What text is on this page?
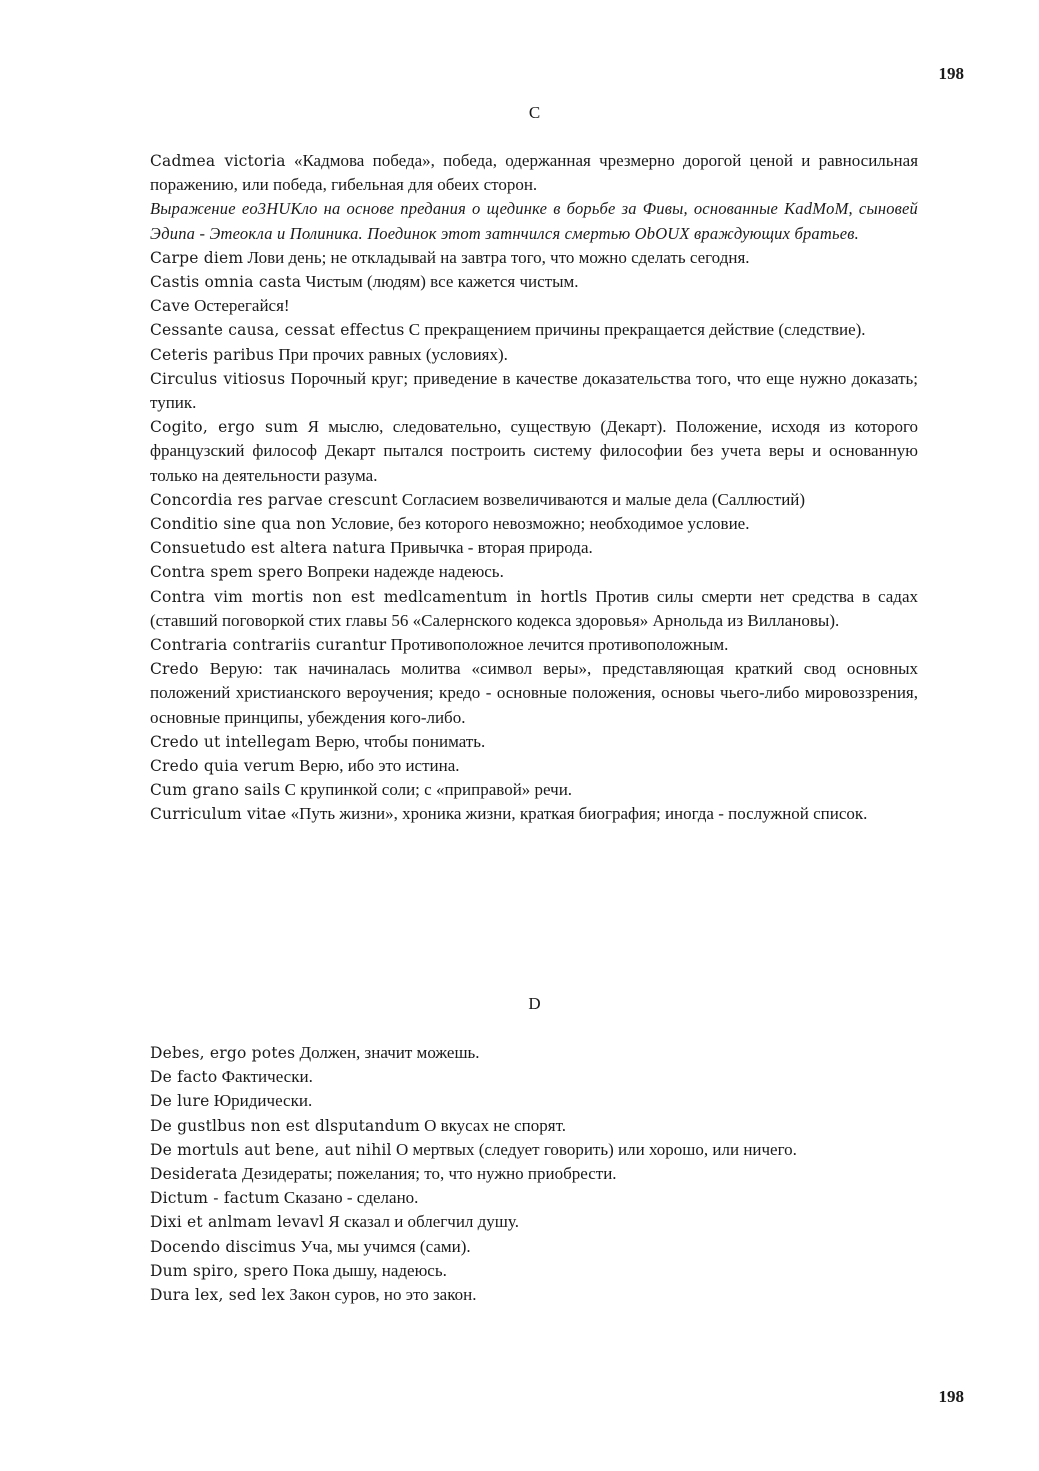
198
C

Cadmea victoria «Кадмова победа», победа, одержанная чрезмерно дорогой ценой и равносильная поражению, или победа, гибельная для обеих сторон.

Выражение eo3HUKлo на основе предания о щединке в борьбе за Фивы, основанные KadMoM, сыновей Эдипа - Этеокла и Полиника. Поединок этот затнчился смертью ObOUX враждующих братьев.

Carpe diem Лови день; не откладывай на завтра того, что можно сделать сегодня.

Castis omnia casta Чистым (людям) все кажется чистым.

Cave Остерегайся!

Cessante causa, cessat effectus С прекращением причины прекращается действие (следствие).

Ceteris paribus При прочих равных (условиях).

Circulus vitiosus Порочный круг; приведение в качестве доказательства того, что еще нужно доказать; тупик.

Cogito, ergo sum Я мыслю, следовательно, существую (Декарт). Положение, исходя из которого французский философ Декарт пытался построить систему философии без учета веры и основанную только на деятельности разума.

Concordia res parvae crescunt Согласием возвеличиваются и малые дела (Саллюстий)

Conditio sine qua non Условие, без которого невозможно; необходимое условие.

Consuetudo est altera natura Привычка - вторая природа.

Contra spem spero Вопреки надежде надеюсь.

Contra vim mortis non est medlcamentum in hortls Против силы смерти нет средства в садах (ставший поговоркой стих главы 56 «Салернского кодекса здоровья» Арнольда из Виллановы).

Contraria contrariis curantur Противоположное лечится противоположным.

Credo Верую: так начиналась молитва «символ веры», представляющая краткий свод основных положений христианского вероучения; кредо - основные положения, основы чьего-либо мировоззрения, основные принципы, убеждения кого-либо.

Credo ut intellegam Верю, чтобы понимать.

Credo quia verum Верю, ибо это истина.

Cum grano sails С крупинкой соли; с «приправой» речи.

Curriculum vitae «Путь жизни», хроника жизни, краткая биография; иногда - послужной список.

D

Debes, ergo potes Должен, значит можешь.

De facto Фактически.

De lure Юридически.

De gustlbus non est dlsputandum О вкусах не спорят.

De mortuls aut bene, aut nihil О мертвых (следует говорить) или хорошо, или ничего.

Desiderata Дезидераты; пожелания; то, что нужно приобрести.

Dictum - factum Сказано - сделано.

Dixi et anlmam levavl Я сказал и облегчил душу.

Docendo discimus Уча, мы учимся (сами).

Dum spiro, spero Пока дышу, надеюсь.

Dura lex, sed lex Закон суров, но это закон.

198
